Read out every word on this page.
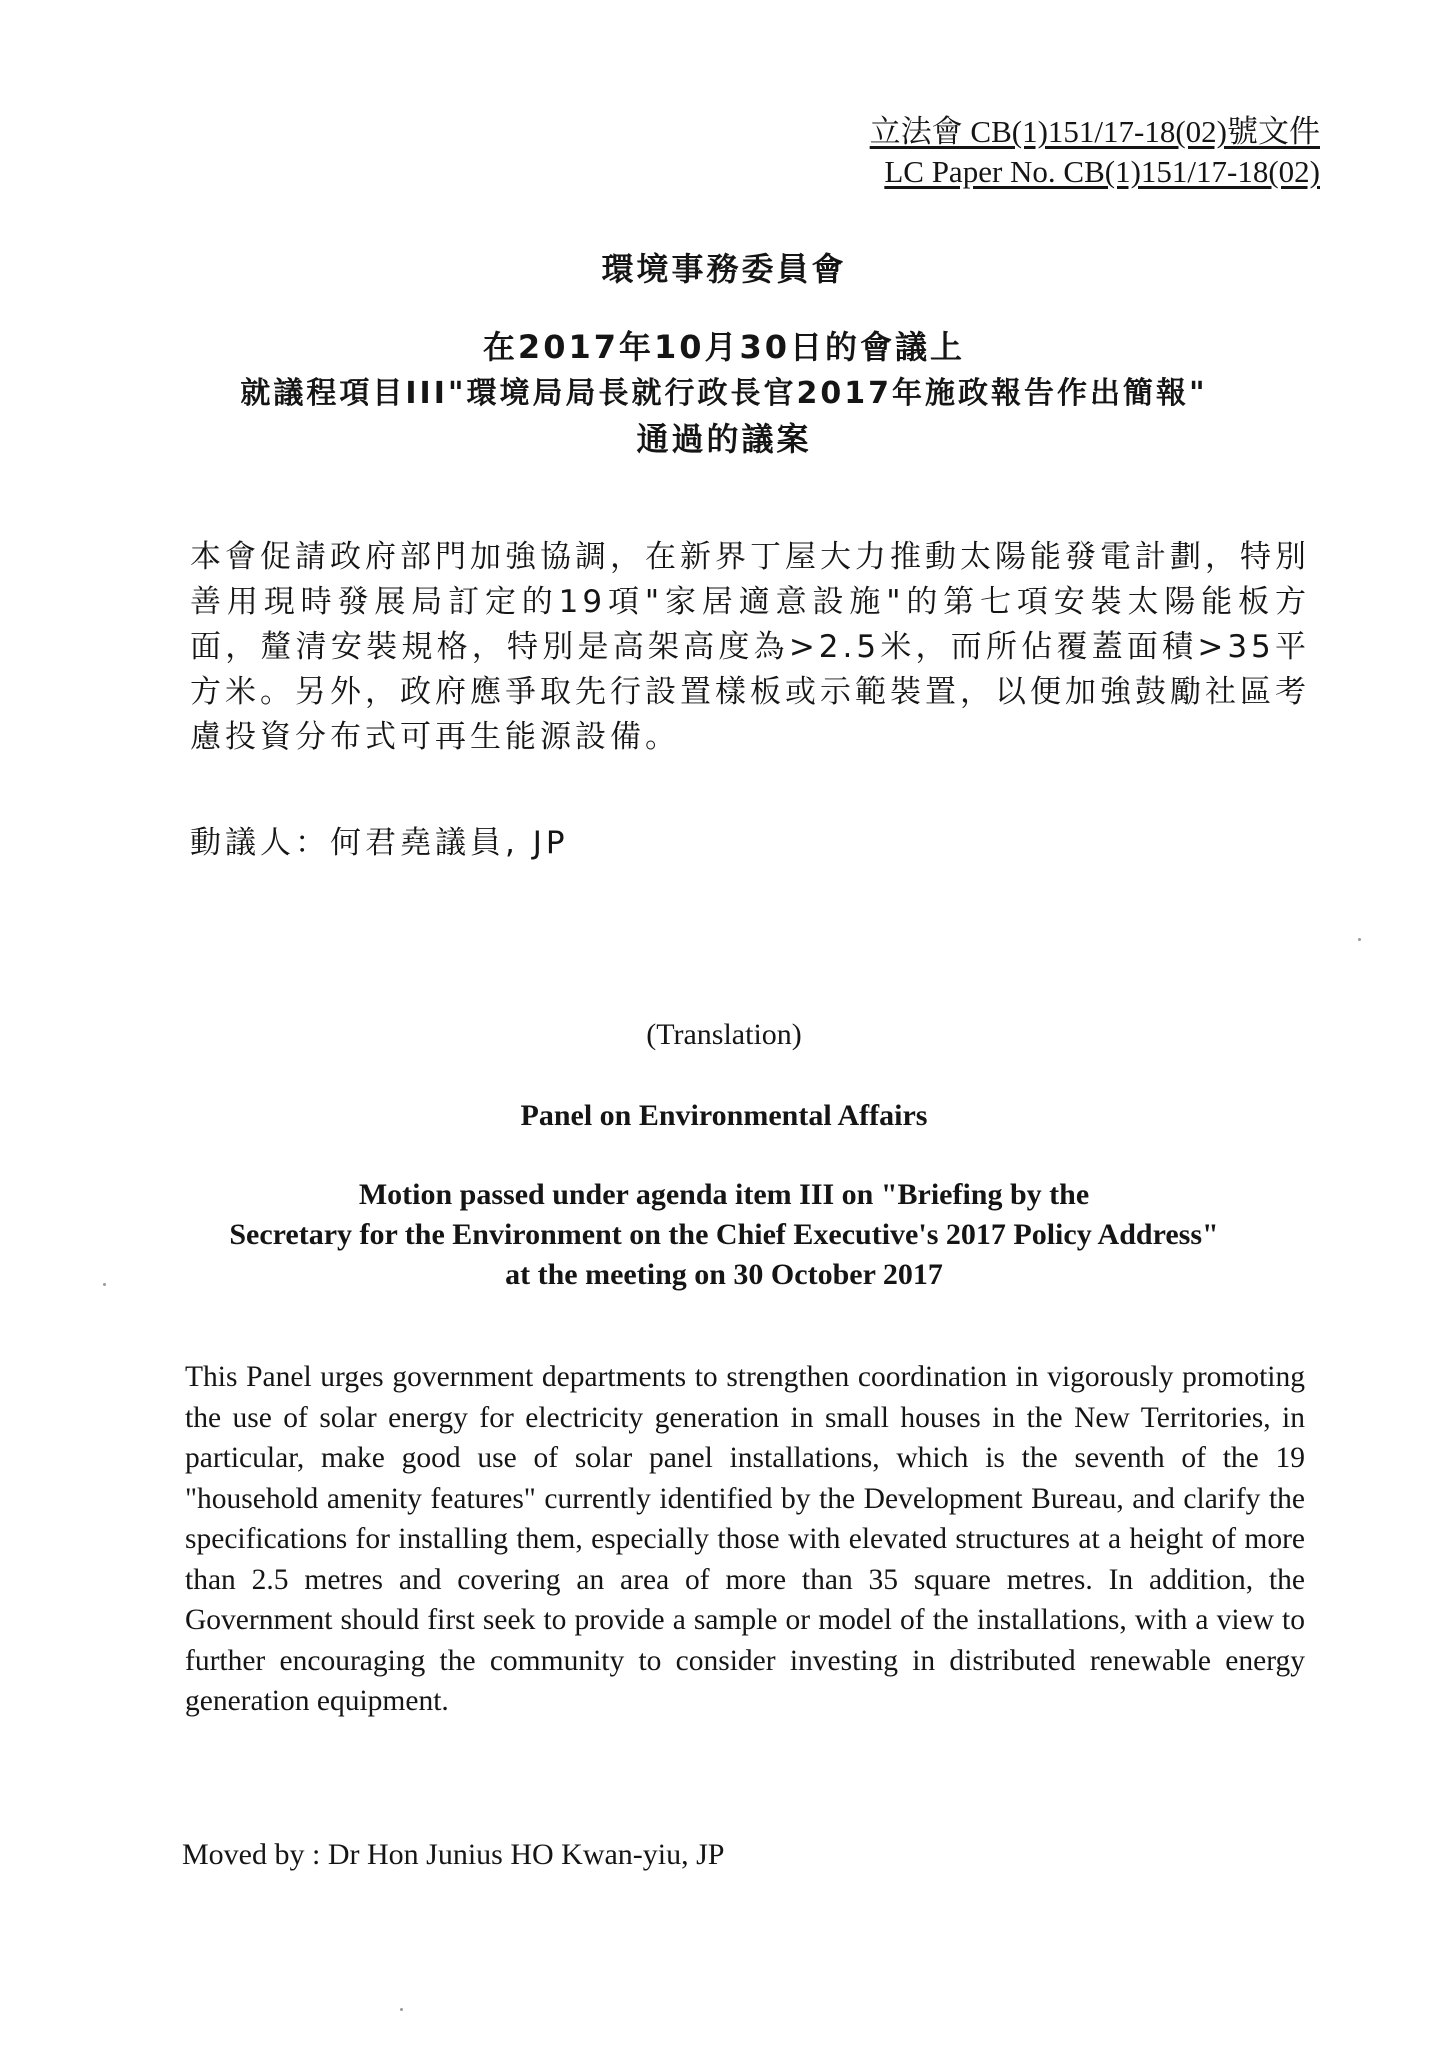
立法會 CB(1)151/17-18(02)號文件
LC Paper No. CB(1)151/17-18(02)
環境事務委員會
在2017年10月30日的會議上
就議程項目III"環境局局長就行政長官2017年施政報告作出簡報"
通過的議案
本會促請政府部門加強協調，在新界丁屋大力推動太陽能發電計劃，特別善用現時發展局訂定的19項"家居適意設施"的第七項安裝太陽能板方面，釐清安裝規格，特別是高架高度為>2.5米，而所佔覆蓋面積>35平方米。另外，政府應爭取先行設置樣板或示範裝置，以便加強鼓勵社區考慮投資分布式可再生能源設備。
動議人：何君堯議員, JP
(Translation)
Panel on Environmental Affairs
Motion passed under agenda item III on "Briefing by the
Secretary for the Environment on the Chief Executive's 2017 Policy Address"
at the meeting on 30 October 2017
This Panel urges government departments to strengthen coordination in vigorously promoting the use of solar energy for electricity generation in small houses in the New Territories, in particular, make good use of solar panel installations, which is the seventh of the 19 "household amenity features" currently identified by the Development Bureau, and clarify the specifications for installing them, especially those with elevated structures at a height of more than 2.5 metres and covering an area of more than 35 square metres. In addition, the Government should first seek to provide a sample or model of the installations, with a view to further encouraging the community to consider investing in distributed renewable energy generation equipment.
Moved by : Dr Hon Junius HO Kwan-yiu, JP
